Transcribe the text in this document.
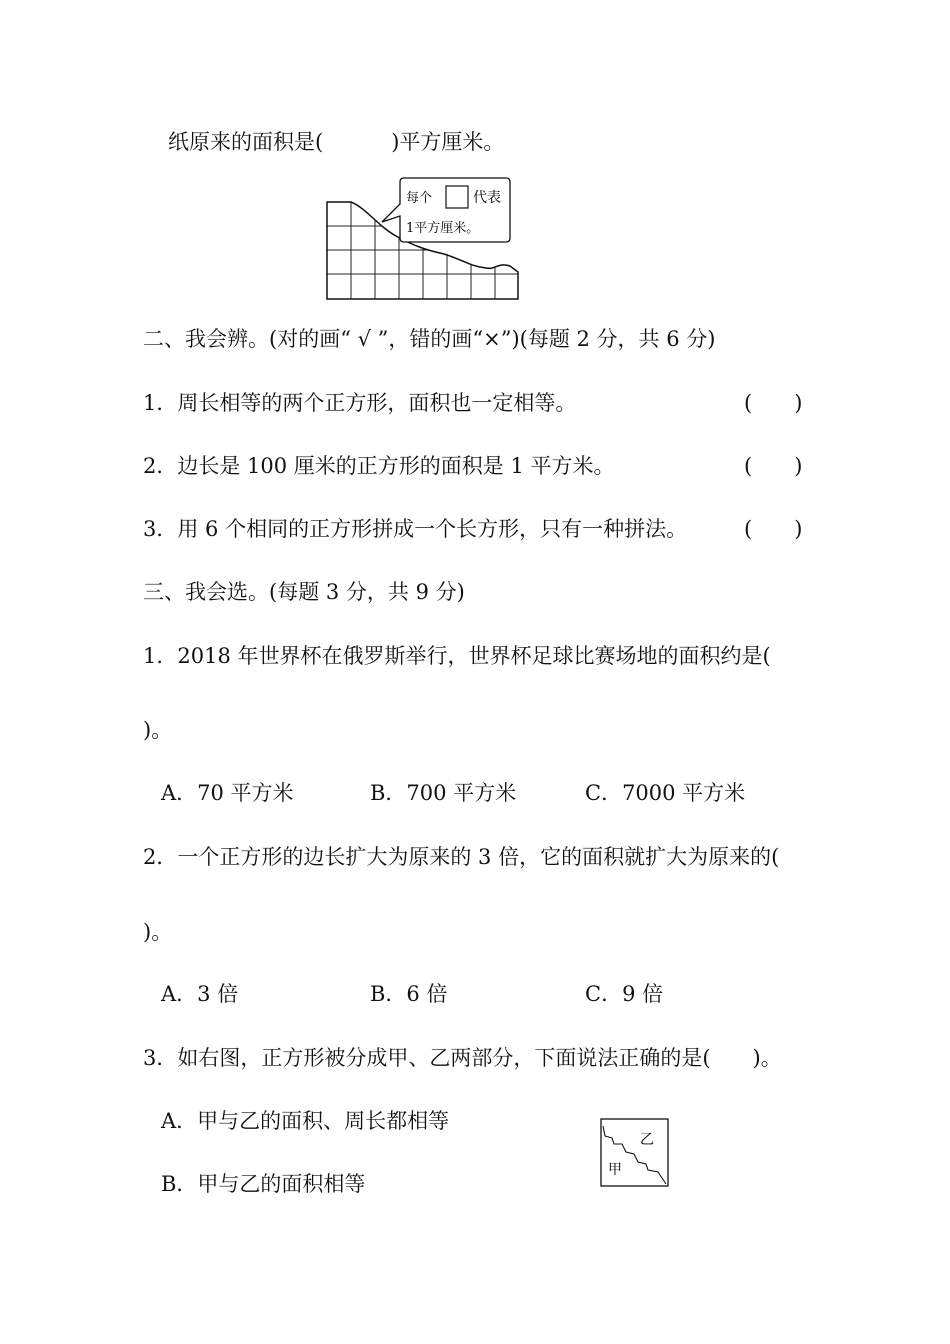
纸原来的面积是(	)平方厘米。
每个	代表
1平方厘米。
二、我会辨。(对的画“ √ ”，错的画“×”)(每题 2 分，共 6 分)
1．周长相等的两个正方形，面积也一定相等。	(　　)
2．边长是 100 厘米的正方形的面积是 1 平方米。	(　　)
3．用 6 个相同的正方形拼成一个长方形，只有一种拼法。	(　　)
三、我会选。(每题 3 分，共 9 分)
1．2018 年世界杯在俄罗斯举行，世界杯足球比赛场地的面积约是(
)。
A．70 平方米	B．700 平方米	C．7000 平方米
2．一个正方形的边长扩大为原来的 3 倍，它的面积就扩大为原来的(
)。
A．3 倍	B．6 倍	C．9 倍
3．如右图，正方形被分成甲、乙两部分，下面说法正确的是(　　)。
A．甲与乙的面积、周长都相等
B．甲与乙的面积相等
乙
甲
